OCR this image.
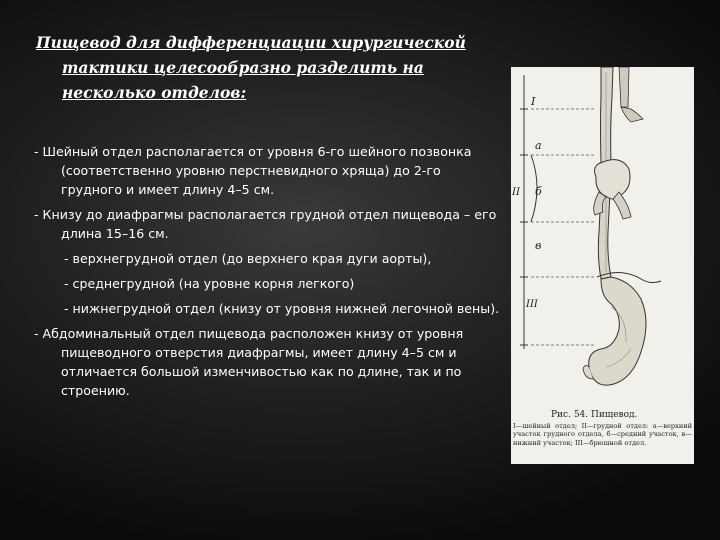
Пищевод для дифференциации хирургической тактики целесообразно разделить на несколько отделов:

- Шейный отдел располагается от уровня 6-го шейного позвонка (соответственно уровню перстневидного хряща) до 2-го грудного и имеет длину 4–5 см.

- Книзу до диафрагмы располагается грудной отдел пищевода – его длина 15–16 см.

- верхнегрудной отдел (до верхнего края дуги аорты),

- среднегрудной (на уровне корня легкого)

- нижнегрудной отдел (книзу от уровня нижней легочной вены).

- Абдоминальный отдел пищевода расположен книзу от уровня пищеводного отверстия диафрагмы, имеет длину 4–5 см и отличается большой изменчивостью как по длине, так и по строению.

I
a
II б
в
III
Рис. 54. Пищевод.
I—шейный отдел; II—грудной отдел: а—верхний участок грудного отдела, б—средний участок, в—нижний участок; III—брюшной отдел.
